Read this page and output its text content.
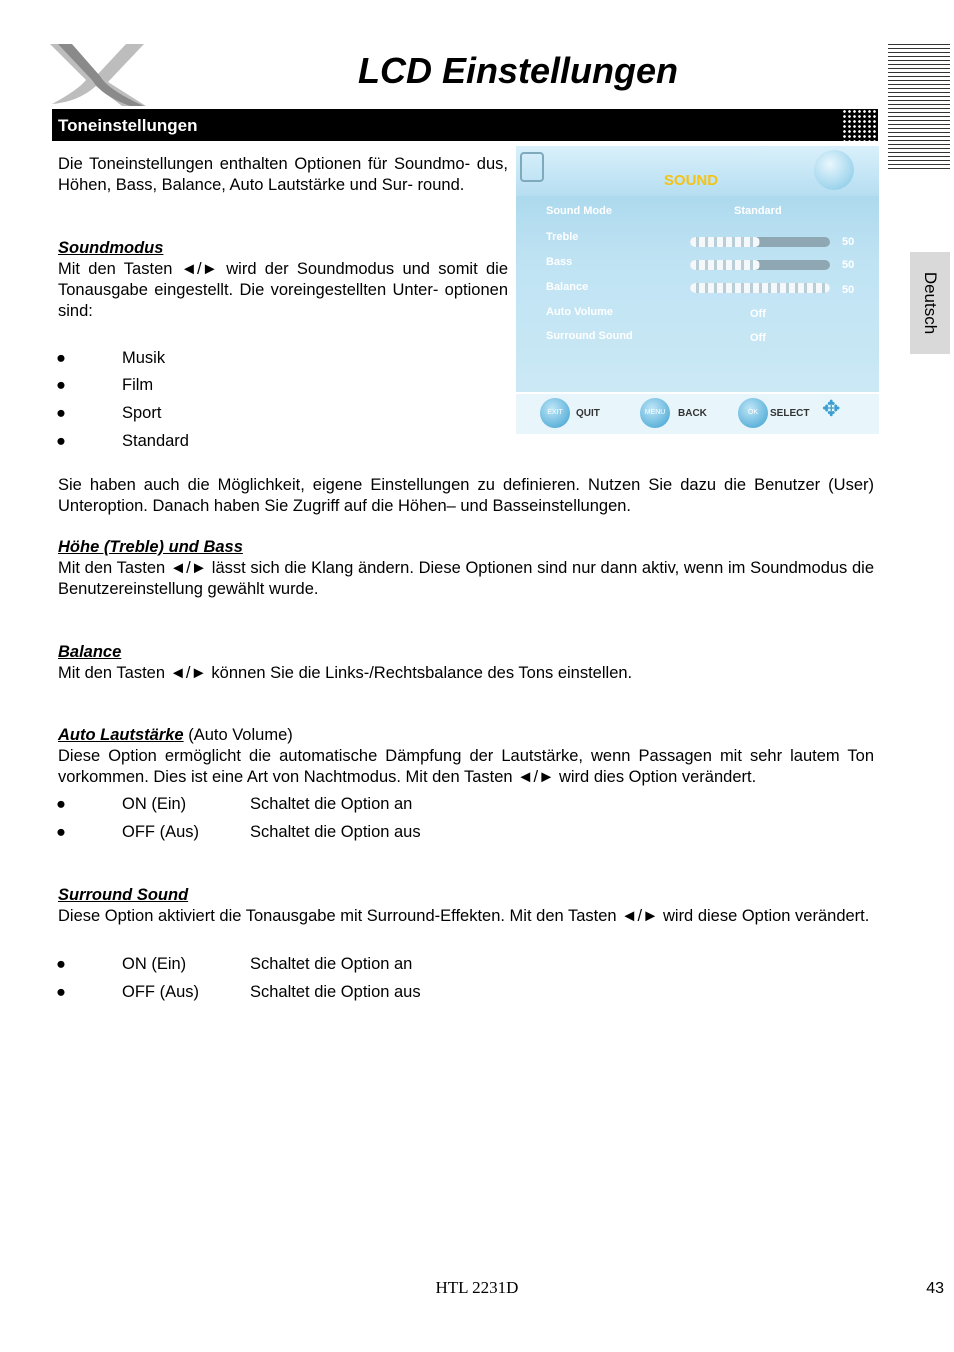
LCD Einstellungen
Deutsch
Toneinstellungen
Die Toneinstellungen enthalten Optionen für Soundmo- dus, Höhen, Bass, Balance, Auto Lautstärke und Sur- round.
Soundmodus
Mit den Tasten ◄/► wird der Soundmodus und somit die Tonausgabe eingestellt. Die voreingestellten Unter- optionen sind:
●	Musik
●	Film
●	Sport
●	Standard
SOUND
Sound Mode	Standard
Treble	50
Bass	50
Balance	50
Auto Volume	Off
Surround Sound	Off
EXIT	QUIT	MENU	BACK	OK	SELECT ✥
Sie haben auch die Möglichkeit, eigene Einstellungen zu definieren. Nutzen Sie dazu die Benutzer (User) Unteroption. Danach haben Sie Zugriff auf die Höhen– und Basseinstellungen.
Höhe (Treble) und Bass
Mit den Tasten ◄/► lässt sich die Klang ändern. Diese Optionen sind nur dann aktiv, wenn im Soundmodus die Benutzereinstellung gewählt wurde.
Balance
Mit den Tasten ◄/► können Sie die Links-/Rechtsbalance des Tons einstellen.
Auto Lautstärke (Auto Volume)
Diese Option ermöglicht die automatische Dämpfung der Lautstärke, wenn Passagen mit sehr lautem Ton vorkommen. Dies ist eine Art von Nachtmodus. Mit den Tasten ◄/► wird dies Option verändert.
●	ON (Ein)	Schaltet die Option an
●	OFF (Aus)	Schaltet die Option aus
Surround Sound
Diese Option aktiviert die Tonausgabe mit Surround-Effekten. Mit den Tasten ◄/► wird diese Option verändert.
●	ON (Ein)	Schaltet die Option an
●	OFF (Aus)	Schaltet die Option aus
HTL 2231D	43
